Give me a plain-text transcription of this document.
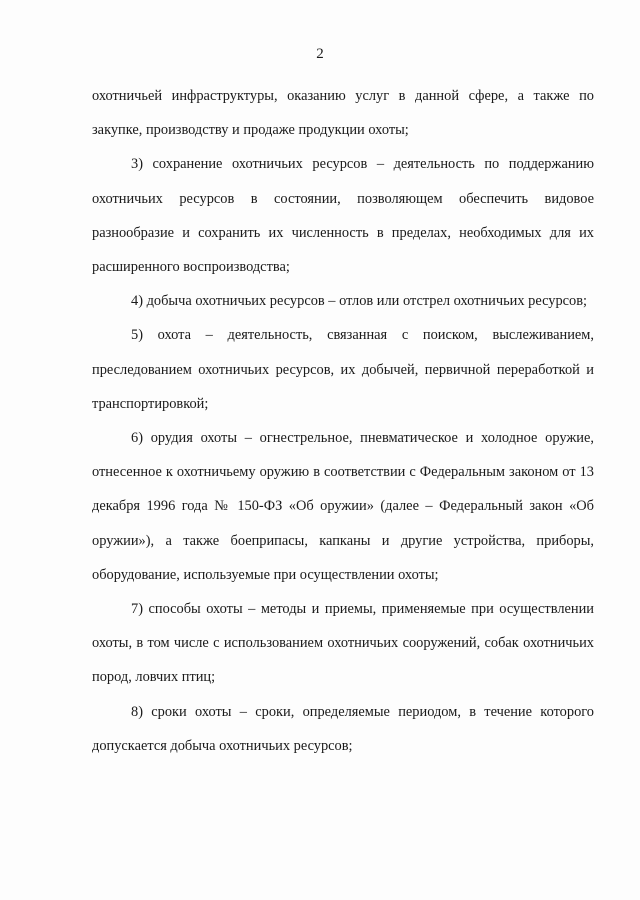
2

охотничьей инфраструктуры, оказанию услуг в данной сфере, а также по закупке, производству и продаже продукции охоты;

3) сохранение охотничьих ресурсов – деятельность по поддержанию охотничьих ресурсов в состоянии, позволяющем обеспечить видовое разнообразие и сохранить их численность в пределах, необходимых для их расширенного воспроизводства;

4) добыча охотничьих ресурсов – отлов или отстрел охотничьих ресурсов;

5) охота – деятельность, связанная с поиском, выслеживанием, преследованием охотничьих ресурсов, их добычей, первичной переработкой и транспортировкой;

6) орудия охоты – огнестрельное, пневматическое и холодное оружие, отнесенное к охотничьему оружию в соответствии с Федеральным законом от 13 декабря 1996 года № 150-ФЗ «Об оружии» (далее – Федеральный закон «Об оружии»), а также боеприпасы, капканы и другие устройства, приборы, оборудование, используемые при осуществлении охоты;

7) способы охоты – методы и приемы, применяемые при осуществлении охоты, в том числе с использованием охотничьих сооружений, собак охотничьих пород, ловчих птиц;

8) сроки охоты – сроки, определяемые периодом, в течение которого допускается добыча охотничьих ресурсов;
